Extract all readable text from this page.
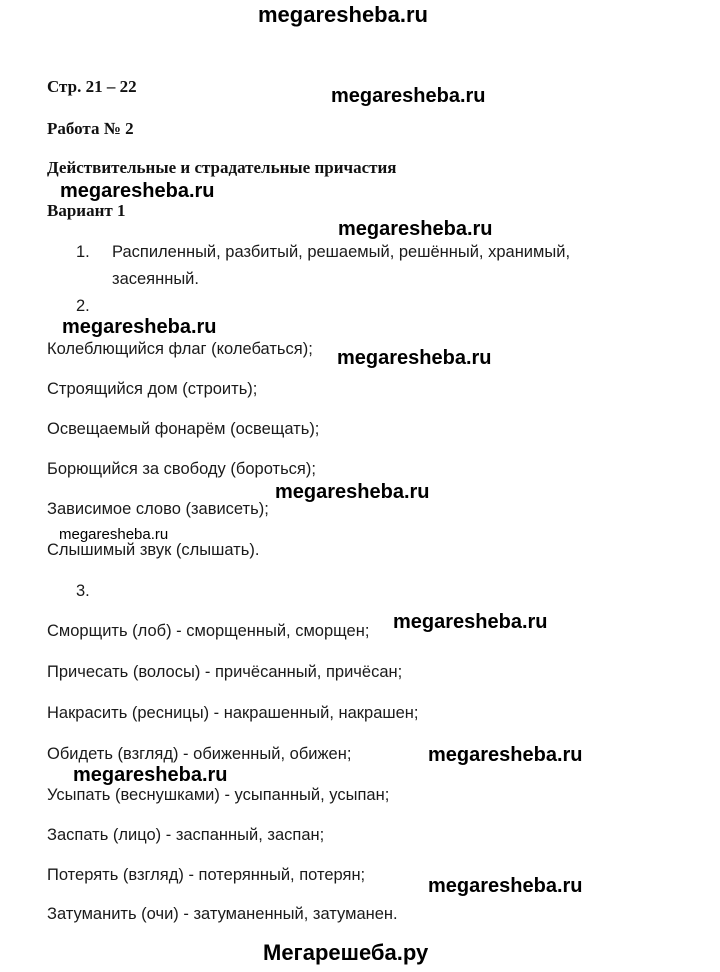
megaresheba.ru
Стр. 21 – 22	megaresheba.ru
Работа № 2
Действительные и страдательные причастия
megaresheba.ru
Вариант 1
megaresheba.ru
1. Распиленный, разбитый, решаемый, решённый, хранимый,
засеянный.
2.
megaresheba.ru
Колеблющийся флаг (колебаться); megaresheba.ru
Строящийся дом (строить);
Освещаемый фонарём (освещать);
Борющийся за свободу (бороться);
megaresheba.ru
Зависимое слово (зависеть);
megaresheba.ru
Слышимый звук (слышать).
3.
megaresheba.ru
Сморщить (лоб) - сморщенный, сморщен;
Причесать (волосы) - причёсанный, причёсан;
Накрасить (ресницы) - накрашенный, накрашен;
Обидеть (взгляд) - обиженный, обижен;	megaresheba.ru
megaresheba.ru
Усыпать (веснушками) - усыпанный, усыпан;
Заспать (лицо) - заспанный, заспан;
Потерять (взгляд) - потерянный, потерян;	megaresheba.ru
Затуманить (очи) - затуманенный, затуманен.
Мегарешеба.ру
